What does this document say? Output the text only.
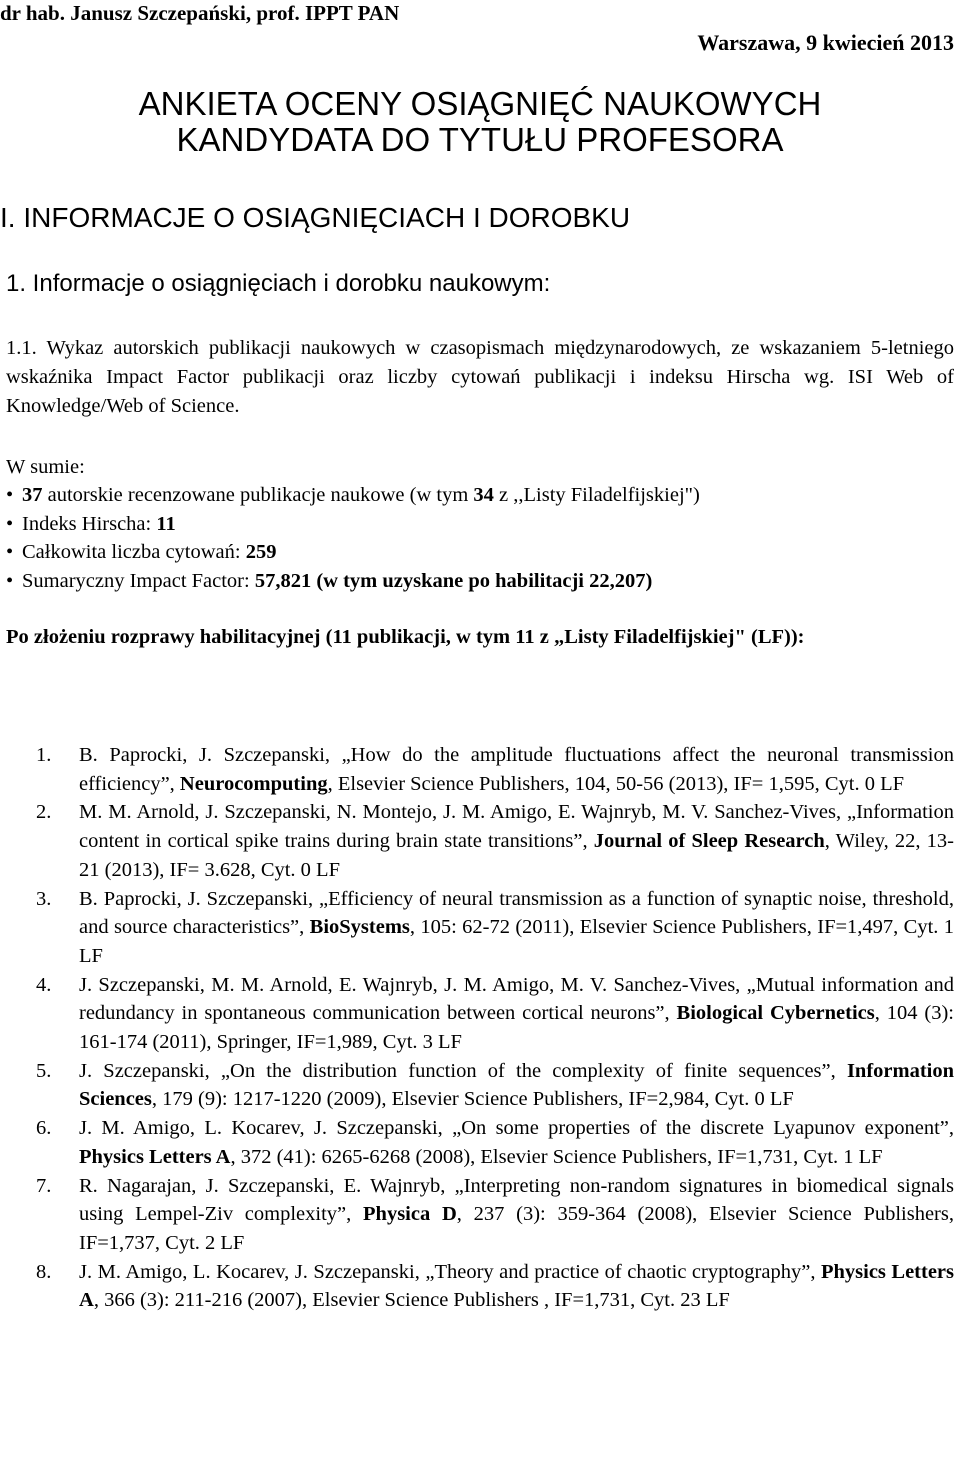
dr hab. Janusz Szczepański, prof. IPPT PAN
Warszawa, 9 kwiecień 2013
ANKIETA OCENY OSIĄGNIĘĆ NAUKOWYCH
KANDYDATA DO TYTUŁU PROFESORA
I. INFORMACJE O OSIĄGNIĘCIACH I DOROBKU
1. Informacje o osiągnięciach i dorobku naukowym:
1.1. Wykaz autorskich publikacji naukowych w czasopismach międzynarodowych, ze wskazaniem 5-letniego wskaźnika Impact Factor publikacji oraz liczby cytowań publikacji i indeksu Hirscha wg. ISI Web of Knowledge/Web of Science.
W sumie:
• 37 autorskie recenzowane publikacje naukowe (w tym 34 z ,,Listy Filadelfijskiej")
• Indeks Hirscha: 11
• Całkowita liczba cytowań: 259
• Sumaryczny Impact Factor: 57,821 (w tym uzyskane po habilitacji 22,207)
Po złożeniu rozprawy habilitacyjnej (11 publikacji, w tym 11 z „Listy Filadelfijskiej" (LF)):
1. B. Paprocki, J. Szczepanski, „How do the amplitude fluctuations affect the neuronal transmission efficiency”, Neurocomputing, Elsevier Science Publishers, 104, 50-56 (2013), IF= 1,595, Cyt. 0 LF
2. M. M. Arnold, J. Szczepanski, N. Montejo, J. M. Amigo, E. Wajnryb, M. V. Sanchez-Vives, „Information content in cortical spike trains during brain state transitions”, Journal of Sleep Research, Wiley, 22, 13-21 (2013), IF= 3.628, Cyt. 0 LF
3. B. Paprocki, J. Szczepanski, „Efficiency of neural transmission as a function of synaptic noise, threshold, and source characteristics”, BioSystems, 105: 62-72 (2011), Elsevier Science Publishers, IF=1,497, Cyt. 1 LF
4. J. Szczepanski, M. M. Arnold, E. Wajnryb, J. M. Amigo, M. V. Sanchez-Vives, „Mutual information and redundancy in spontaneous communication between cortical neurons”, Biological Cybernetics, 104 (3): 161-174 (2011), Springer, IF=1,989, Cyt. 3 LF
5. J. Szczepanski, „On the distribution function of the complexity of finite sequences”, Information Sciences, 179 (9): 1217-1220 (2009), Elsevier Science Publishers, IF=2,984, Cyt. 0 LF
6. J. M. Amigo, L. Kocarev, J. Szczepanski, „On some properties of the discrete Lyapunov exponent”, Physics Letters A, 372 (41): 6265-6268 (2008), Elsevier Science Publishers, IF=1,731, Cyt. 1 LF
7. R. Nagarajan, J. Szczepanski, E. Wajnryb, „Interpreting non-random signatures in biomedical signals using Lempel-Ziv complexity”, Physica D, 237 (3): 359-364 (2008), Elsevier Science Publishers, IF=1,737, Cyt. 2 LF
8. J. M. Amigo, L. Kocarev, J. Szczepanski, „Theory and practice of chaotic cryptography”, Physics Letters A, 366 (3): 211-216 (2007), Elsevier Science Publishers , IF=1,731, Cyt. 23 LF
